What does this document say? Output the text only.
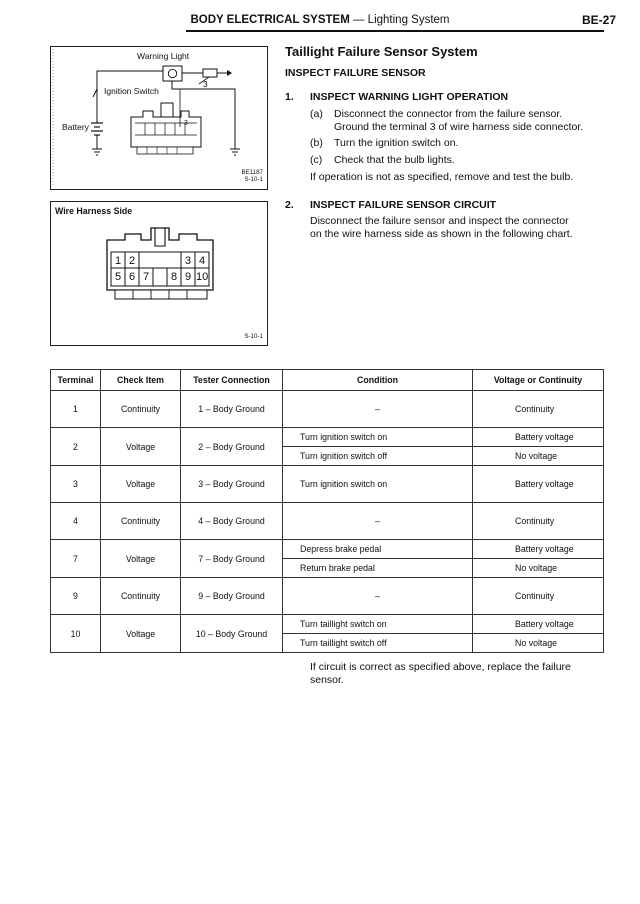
BODY ELECTRICAL SYSTEM — Lighting System	BE-27
Warning Light
Ignition Switch
Battery
3
3
BE1187
S-10-1
Wire Harness Side
1 2	3 4
5 6 7 8 9 10
S-10-1
Taillight Failure Sensor System
INSPECT FAILURE SENSOR
1. INSPECT WARNING LIGHT OPERATION
(a) Disconnect the connector from the failure sensor.
Ground the terminal 3 of wire harness side connector.
(b) Turn the ignition switch on.
(c) Check that the bulb lights.
If operation is not as specified, remove and test the bulb.
2. INSPECT FAILURE SENSOR CIRCUIT
Disconnect the failure sensor and inspect the connector
on the wire harness side as shown in the following chart.
Terminal	Check Item	Tester Connection	Condition	Voltage or Continuity
1	Continuity	1 – Body Ground	–	Continuity
2	Voltage	2 – Body Ground	Turn ignition switch on	Battery voltage
			Turn ignition switch off	No voltage
3	Voltage	3 – Body Ground	Turn ignition switch on	Battery voltage
4	Continuity	4 – Body Ground	–	Continuity
7	Voltage	7 – Body Ground	Depress brake pedal	Battery voltage
			Return brake pedal	No voltage
9	Continuity	9 – Body Ground	–	Continuity
10	Voltage	10 – Body Ground	Turn taillight switch on	Battery voltage
			Turn taillight switch off	No voltage
If circuit is correct as specified above, replace the failure
sensor.
